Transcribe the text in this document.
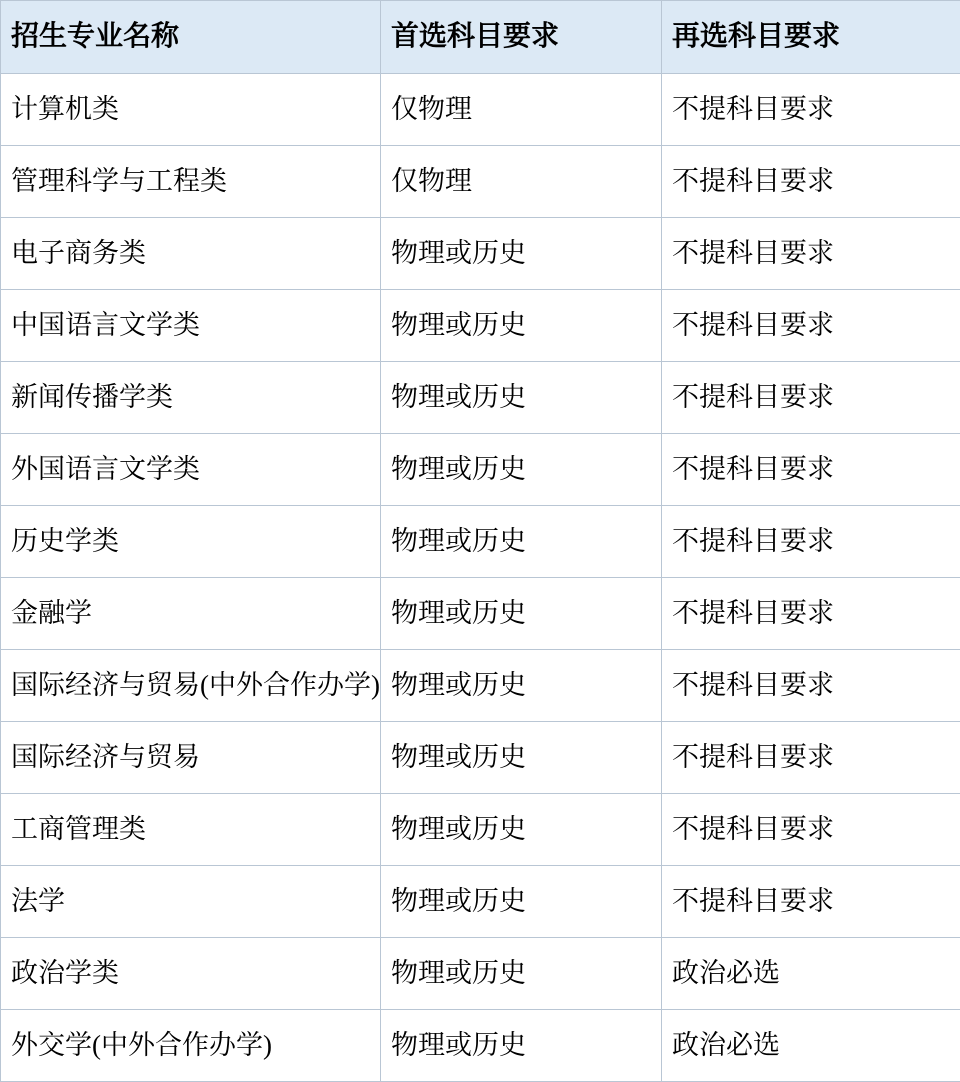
招生专业名称	首选科目要求	再选科目要求
计算机类	仅物理	不提科目要求
管理科学与工程类	仅物理	不提科目要求
电子商务类	物理或历史	不提科目要求
中国语言文学类	物理或历史	不提科目要求
新闻传播学类	物理或历史	不提科目要求
外国语言文学类	物理或历史	不提科目要求
历史学类	物理或历史	不提科目要求
金融学	物理或历史	不提科目要求
国际经济与贸易(中外合作办学)	物理或历史	不提科目要求
国际经济与贸易	物理或历史	不提科目要求
工商管理类	物理或历史	不提科目要求
法学	物理或历史	不提科目要求
政治学类	物理或历史	政治必选
外交学(中外合作办学)	物理或历史	政治必选
